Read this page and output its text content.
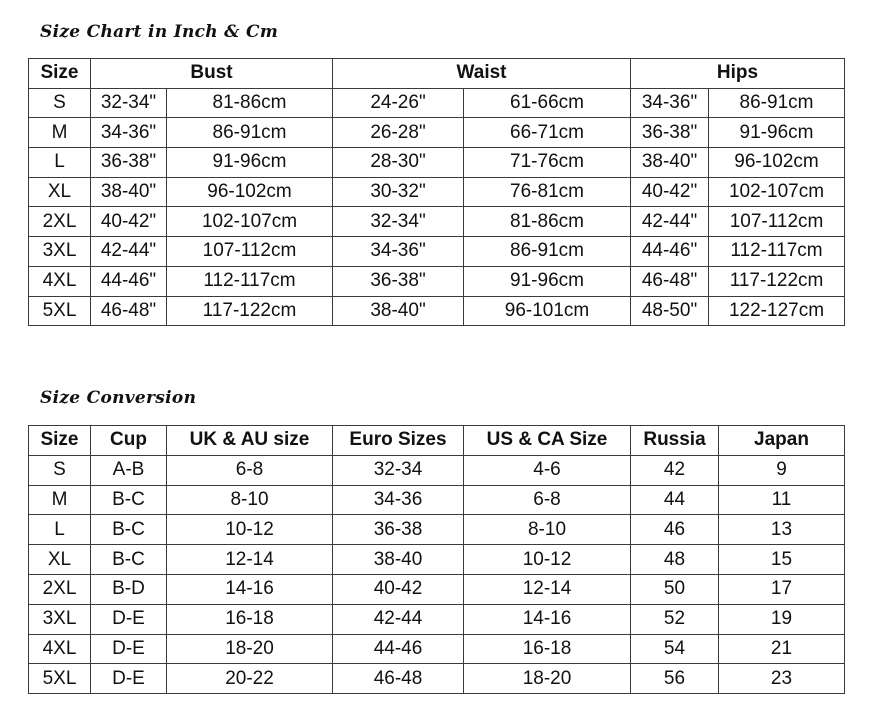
Size Chart in Inch & Cm
Size	Bust		Waist		Hips	
S	32-34"	81-86cm	24-26"	61-66cm	34-36"	86-91cm
M	34-36"	86-91cm	26-28"	66-71cm	36-38"	91-96cm
L	36-38"	91-96cm	28-30"	71-76cm	38-40"	96-102cm
XL	38-40"	96-102cm	30-32"	76-81cm	40-42"	102-107cm
2XL	40-42"	102-107cm	32-34"	81-86cm	42-44"	107-112cm
3XL	42-44"	107-112cm	34-36"	86-91cm	44-46"	112-117cm
4XL	44-46"	112-117cm	36-38"	91-96cm	46-48"	117-122cm
5XL	46-48"	117-122cm	38-40"	96-101cm	48-50"	122-127cm
Size Conversion
Size	Cup	UK & AU size	Euro Sizes	US & CA Size	Russia	Japan
S	A-B	6-8	32-34	4-6	42	9
M	B-C	8-10	34-36	6-8	44	11
L	B-C	10-12	36-38	8-10	46	13
XL	B-C	12-14	38-40	10-12	48	15
2XL	B-D	14-16	40-42	12-14	50	17
3XL	D-E	16-18	42-44	14-16	52	19
4XL	D-E	18-20	44-46	16-18	54	21
5XL	D-E	20-22	46-48	18-20	56	23
